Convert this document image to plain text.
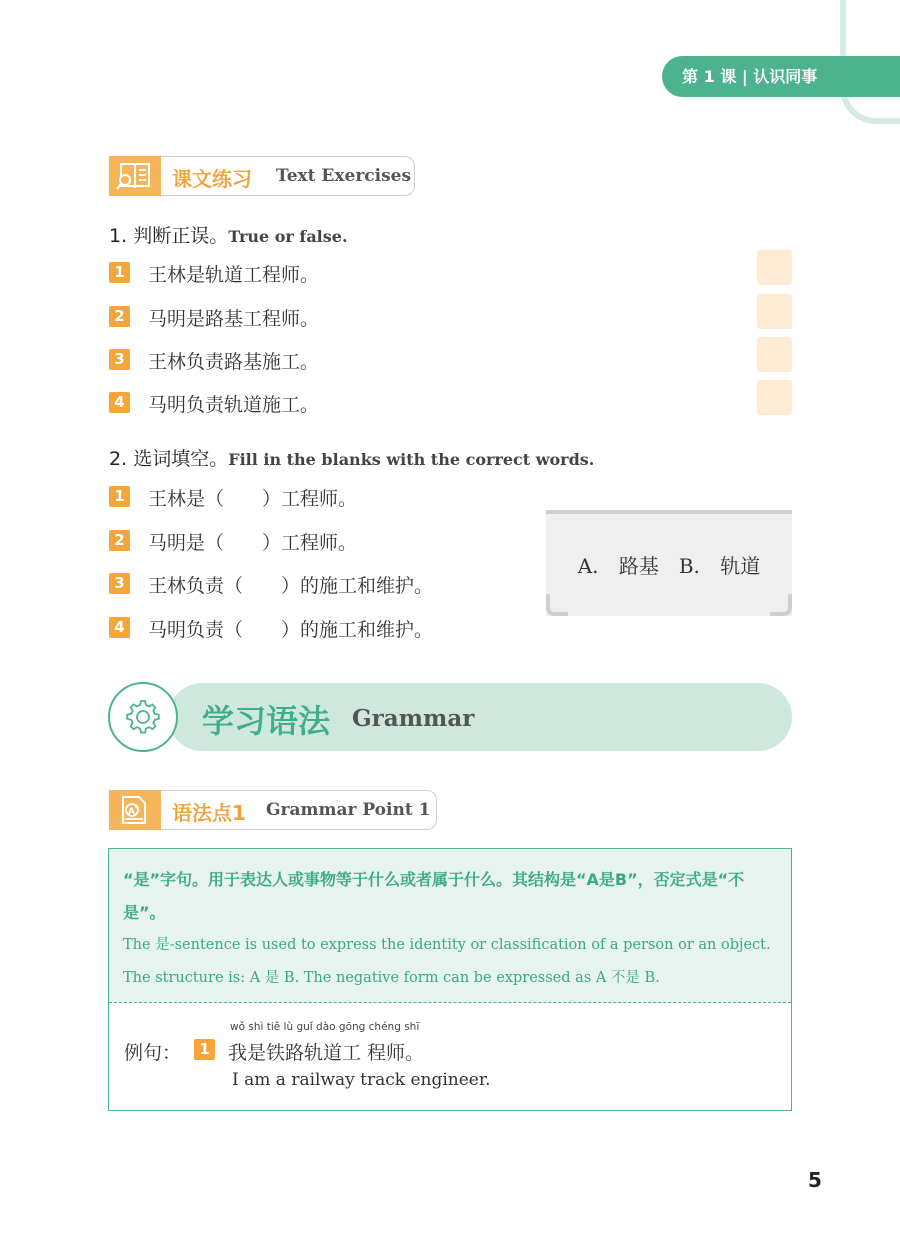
第 1 课 | 认识同事
课文练习 Text Exercises
1. 判断正误。True or false.
1 王林是轨道工程师。
2 马明是路基工程师。
3 王林负责路基施工。
4 马明负责轨道施工。
2. 选词填空。Fill in the blanks with the correct words.
1 王林是（　　）工程师。
2 马明是（　　）工程师。
3 王林负责（　　）的施工和维护。
4 马明负责（　　）的施工和维护。
A. 路基　B. 轨道
学习语法 Grammar
A + 语法点1 Grammar Point 1
“是”字句。用于表达人或事物等于什么或者属于什么。其结构是“A是B”，否定式是“不是”。
The 是-sentence is used to express the identity or classification of a person or an object. The structure is: A 是 B. The negative form can be expressed as A 不是 B.
例句：	1
wǒ shì tiě lù guǐ dào gōng chéng shī
我是铁路轨道工 程师。
I am a railway track engineer.
5
